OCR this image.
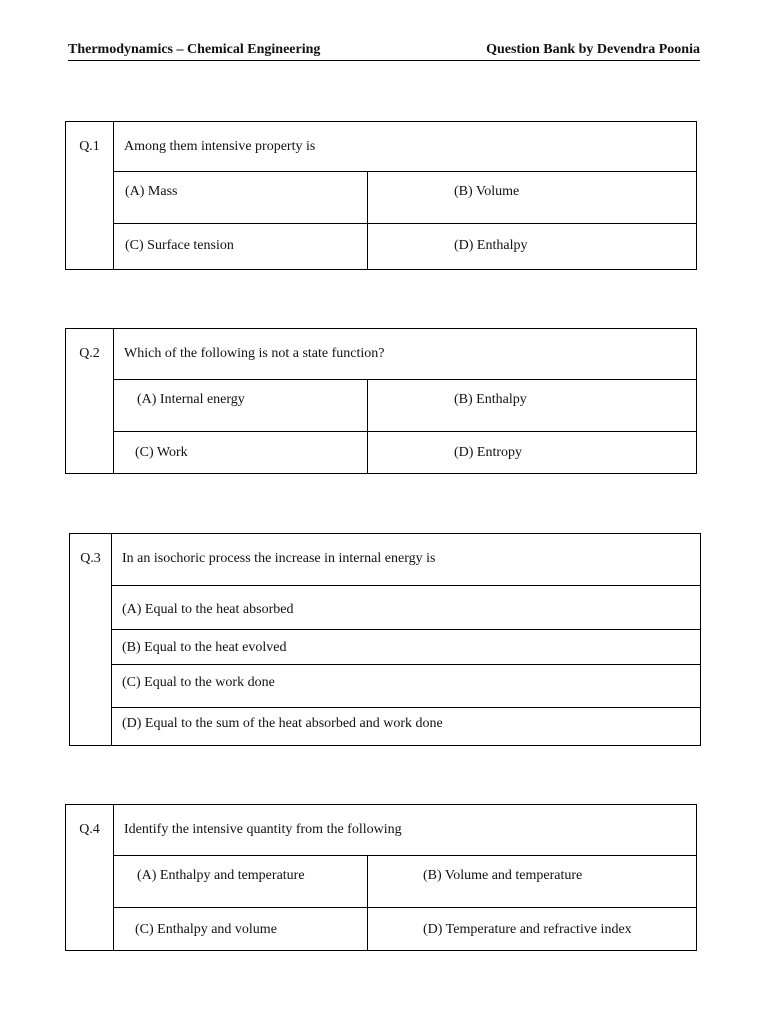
Thermodynamics – Chemical Engineering	Question Bank by Devendra Poonia
Q.1	Among them intensive property is
(A) Mass	(B) Volume
(C) Surface tension	(D) Enthalpy
Q.2	Which of the following is not a state function?
(A) Internal energy	(B) Enthalpy
(C) Work	(D) Entropy
Q.3	In an isochoric process the increase in internal energy is
(A) Equal to the heat absorbed
(B) Equal to the heat evolved
(C) Equal to the work done
(D) Equal to the sum of the heat absorbed and work done
Q.4	Identify the intensive quantity from the following
(A) Enthalpy and temperature	(B) Volume and temperature
(C) Enthalpy and volume	(D) Temperature and refractive index
